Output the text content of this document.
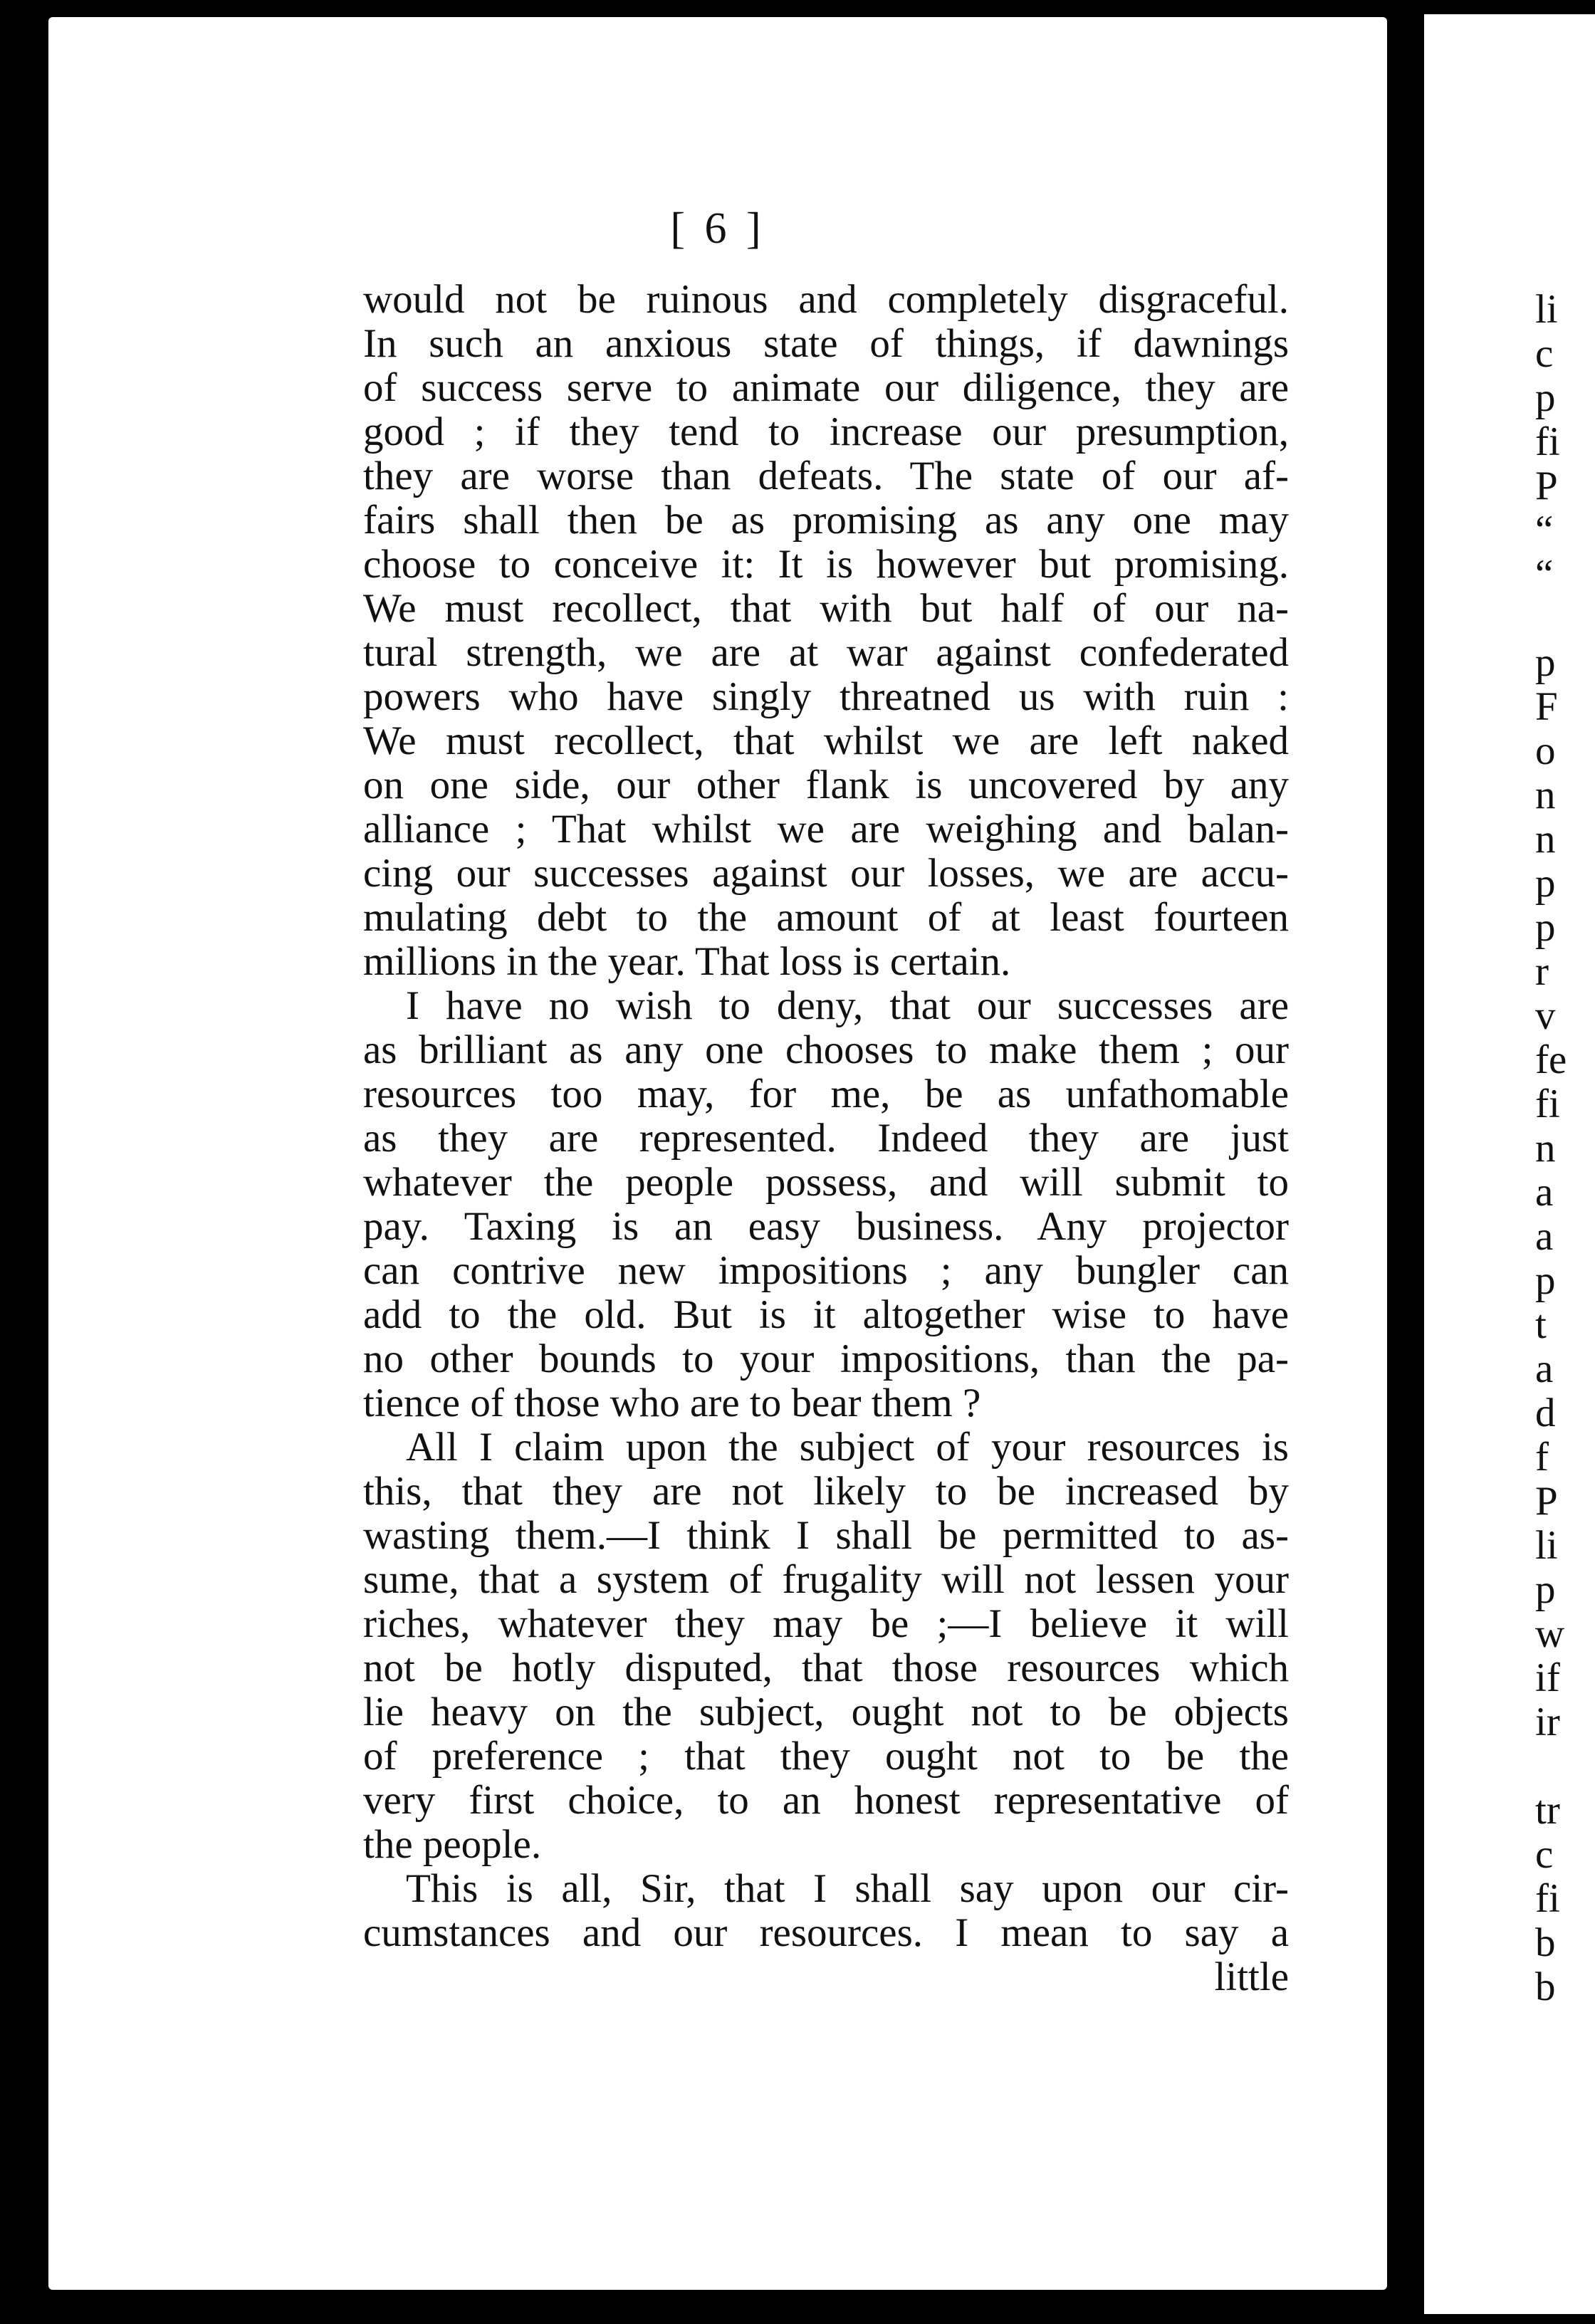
[ 6 ]
would not be ruinous and completely disgraceful.
In such an anxious state of things, if dawnings
of success serve to animate our diligence, they are
good ; if they tend to increase our presumption,
they are worse than defeats. The state of our af-
fairs shall then be as promising as any one may
choose to conceive it: It is however but promising.
We must recollect, that with but half of our na-
tural strength, we are at war against confederated
powers who have singly threatned us with ruin :
We must recollect, that whilst we are left naked
on one side, our other flank is uncovered by any
alliance ; That whilst we are weighing and balan-
cing our successes against our losses, we are accu-
mulating debt to the amount of at least fourteen
millions in the year. That loss is certain.
I have no wish to deny, that our successes are
as brilliant as any one chooses to make them ; our
resources too may, for me, be as unfathomable
as they are represented. Indeed they are just
whatever the people possess, and will submit to
pay. Taxing is an easy business. Any projector
can contrive new impositions ; any bungler can
add to the old. But is it altogether wise to have
no other bounds to your impositions, than the pa-
tience of those who are to bear them ?
All I claim upon the subject of your resources is
this, that they are not likely to be increased by
wasting them.—I think I shall be permitted to as-
sume, that a system of frugality will not lessen your
riches, whatever they may be ;—I believe it will
not be hotly disputed, that those resources which
lie heavy on the subject, ought not to be objects
of preference ; that they ought not to be the
very first choice, to an honest representative of
the people.
This is all, Sir, that I shall say upon our cir-
cumstances and our resources. I mean to say a
little
li
c
p
fi
P
“
“
p
F
o
n
n
p
p
r
v
fe
fi
n
a
a
p
t
a
d
f
P
li
p
w
if
ir
tr
c
fi
b
b
